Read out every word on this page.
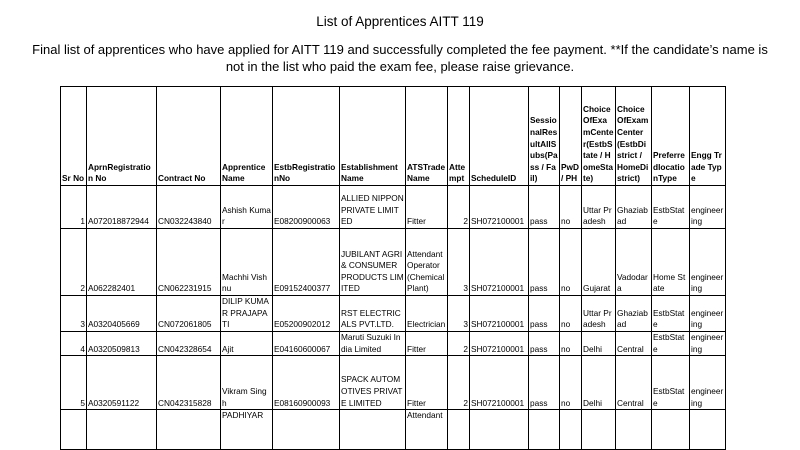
List of Apprentices AITT 119
Final list of apprentices who have applied for AITT 119 and successfully completed the fee payment. **If the candidate’s name is
not in the list who paid the exam fee, please raise grievance.
Sr No	AprnRegistration No	Contract No	Apprentice Name	EstbRegistratio nNo	Establishment Name	ATSTrade Name	Atte mpt	ScheduleID	SessionalResultAllSubs(Pass / Fail)	PwD / PH	ChoiceOfExamCenter(EstbState / HomeState)	ChoiceOfExamCenter(EstbDistrict / HomeDistrict)	PreferredlocationType	Engg Trade Type
1	A072018872944	CN032243840	Ashish Kumar	E08200900063	ALLIED NIPPON PRIVATE LIMITED	Fitter	2	SH072100001	pass	no	Uttar Pradesh	Ghaziabad	EstbState	engineering
2	A062282401	CN062231915	Machhi Vishnu	E09152400377	JUBILANT AGRI & CONSUMER PRODUCTS LIMITED	Attendant Operator (Chemical Plant)	3	SH072100001	pass	no	Gujarat	Vadodara	Home State	engineering
3	A0320405669	CN072061805	DILIP KUMAR PRAJAPATI	E05200902012	RST ELECTRICALS PVT.LTD.	Electrician	3	SH072100001	pass	no	Uttar Pradesh	Ghaziabad	EstbState	engineering
4	A0320509813	CN042328654	Ajit	E04160600067	Maruti Suzuki India Limited	Fitter	2	SH072100001	pass	no	Delhi	Central	EstbState	engineering
5	A0320591122	CN042315828	Vikram Singh	E08160900093	SPACK AUTOMOTIVES PRIVATE LIMITED	Fitter	2	SH072100001	pass	no	Delhi	Central	EstbState	engineering
			PADHIYAR			Attendant								
